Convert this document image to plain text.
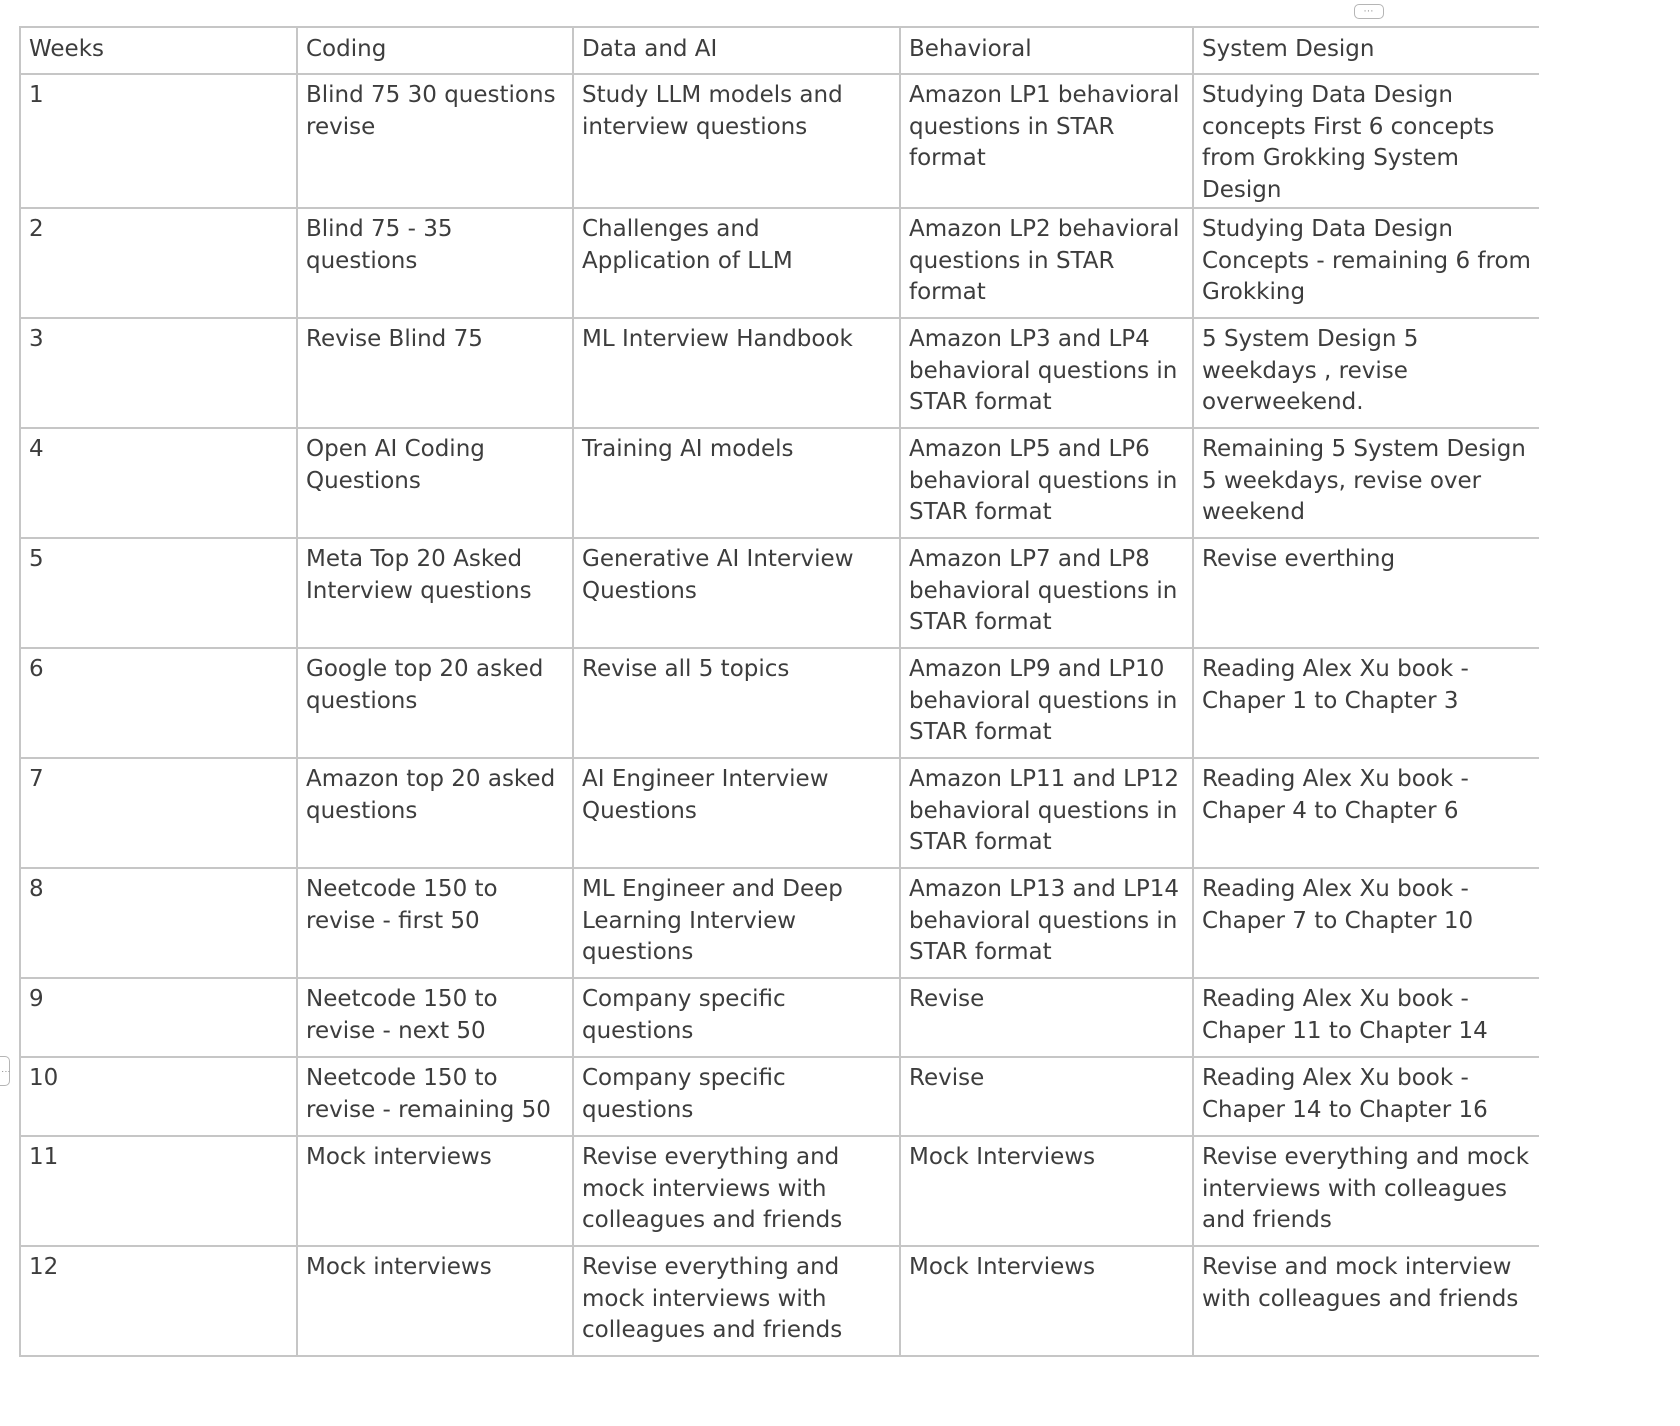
⋯
⋮
Weeks	Coding	Data and AI	Behavioral	System Design
1	Blind 75 30 questions revise	Study LLM models and interview questions	Amazon LP1 behavioral questions in STAR format	Studying Data Design concepts First 6 concepts from Grokking System Design
2	Blind 75 - 35 questions	Challenges and Application of LLM	Amazon LP2 behavioral questions in STAR format	Studying Data Design Concepts - remaining 6 from Grokking
3	Revise Blind 75	ML Interview Handbook	Amazon LP3 and LP4 behavioral questions in STAR format	5 System Design 5 weekdays , revise overweekend.
4	Open AI Coding Questions	Training AI models	Amazon LP5 and LP6 behavioral questions in STAR format	Remaining 5 System Design 5 weekdays, revise over weekend
5	Meta Top 20 Asked Interview questions	Generative AI Interview Questions	Amazon LP7 and LP8 behavioral questions in STAR format	Revise everthing
6	Google top 20 asked questions	Revise all 5 topics	Amazon LP9 and LP10 behavioral questions in STAR format	Reading Alex Xu book - Chaper 1 to Chapter 3
7	Amazon top 20 asked questions	AI Engineer Interview Questions	Amazon LP11 and LP12 behavioral questions in STAR format	Reading Alex Xu book - Chaper 4 to Chapter 6
8	Neetcode 150 to revise - first 50	ML Engineer and Deep Learning Interview questions	Amazon LP13 and LP14 behavioral questions in STAR format	Reading Alex Xu book - Chaper 7 to Chapter 10
9	Neetcode 150 to revise - next 50	Company specific questions	Revise	Reading Alex Xu book - Chaper 11 to Chapter 14
10	Neetcode 150 to revise - remaining 50	Company specific questions	Revise	Reading Alex Xu book - Chaper 14 to Chapter 16
11	Mock interviews	Revise everything and mock interviews with colleagues and friends	Mock Interviews	Revise everything and mock interviews with colleagues and friends
12	Mock interviews	Revise everything and mock interviews with colleagues and friends	Mock Interviews	Revise and mock interview with colleagues and friends
